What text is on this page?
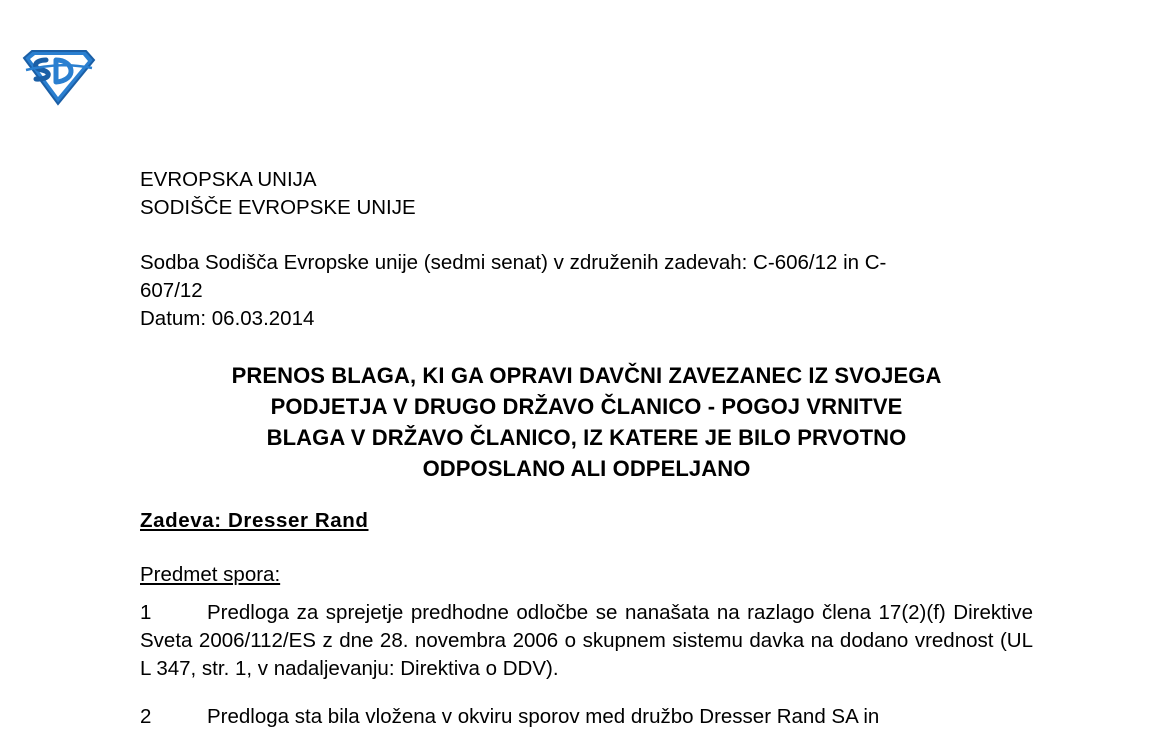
EVROPSKA UNIJA
SODIŠČE EVROPSKE UNIJE
Sodba Sodišča Evropske unije (sedmi senat) v združenih zadevah: C-606/12 in C-
607/12
Datum: 06.03.2014
PRENOS BLAGA, KI GA OPRAVI DAVČNI ZAVEZANEC IZ SVOJEGA
PODJETJA V DRUGO DRŽAVO ČLANICO - POGOJ VRNITVE
BLAGA V DRŽAVO ČLANICO, IZ KATERE JE BILO PRVOTNO
ODPOSLANO ALI ODPELJANO
Zadeva: Dresser Rand
Predmet spora:
1	Predloga za sprejetje predhodne odločbe se nanašata na razlago člena 17(2)(f) Direktive Sveta 2006/112/ES z dne 28. novembra 2006 o skupnem sistemu davka na dodano vrednost (UL L 347, str. 1, v nadaljevanju: Direktiva o DDV).
2	Predloga sta bila vložena v okviru sporov med družbo Dresser Rand SA in
